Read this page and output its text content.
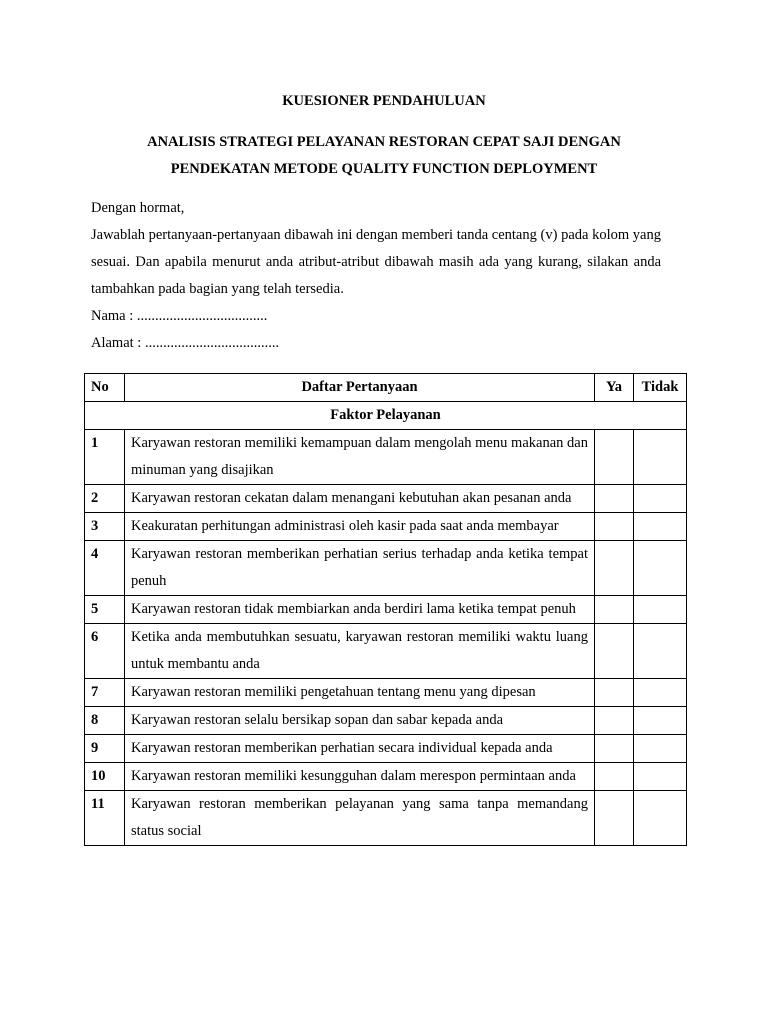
KUESIONER PENDAHULUAN
ANALISIS STRATEGI PELAYANAN RESTORAN CEPAT SAJI DENGAN
PENDEKATAN METODE QUALITY FUNCTION DEPLOYMENT

Dengan hormat,

Jawablah pertanyaan-pertanyaan dibawah ini dengan memberi tanda centang (v) pada kolom yang sesuai. Dan apabila menurut anda atribut-atribut dibawah masih ada yang kurang, silakan anda tambahkan pada bagian yang telah tersedia.

Nama : ....................................

Alamat : .....................................

No	Daftar Pertanyaan	Ya	Tidak
Faktor Pelayanan			
1	Karyawan restoran memiliki kemampuan dalam mengolah menu makanan dan minuman yang disajikan		
2	Karyawan restoran cekatan dalam menangani kebutuhan akan pesanan anda		
3	Keakuratan perhitungan administrasi oleh kasir pada saat anda membayar		
4	Karyawan restoran memberikan perhatian serius terhadap anda ketika tempat penuh		
5	Karyawan restoran tidak membiarkan anda berdiri lama ketika tempat penuh		
6	Ketika anda membutuhkan sesuatu, karyawan restoran memiliki waktu luang untuk membantu anda		
7	Karyawan restoran memiliki pengetahuan tentang menu yang dipesan		
8	Karyawan restoran selalu bersikap sopan dan sabar kepada anda		
9	Karyawan restoran memberikan perhatian secara individual kepada anda		
10	Karyawan restoran memiliki kesungguhan dalam merespon permintaan anda		
11	Karyawan restoran memberikan pelayanan yang sama tanpa memandang status social		
